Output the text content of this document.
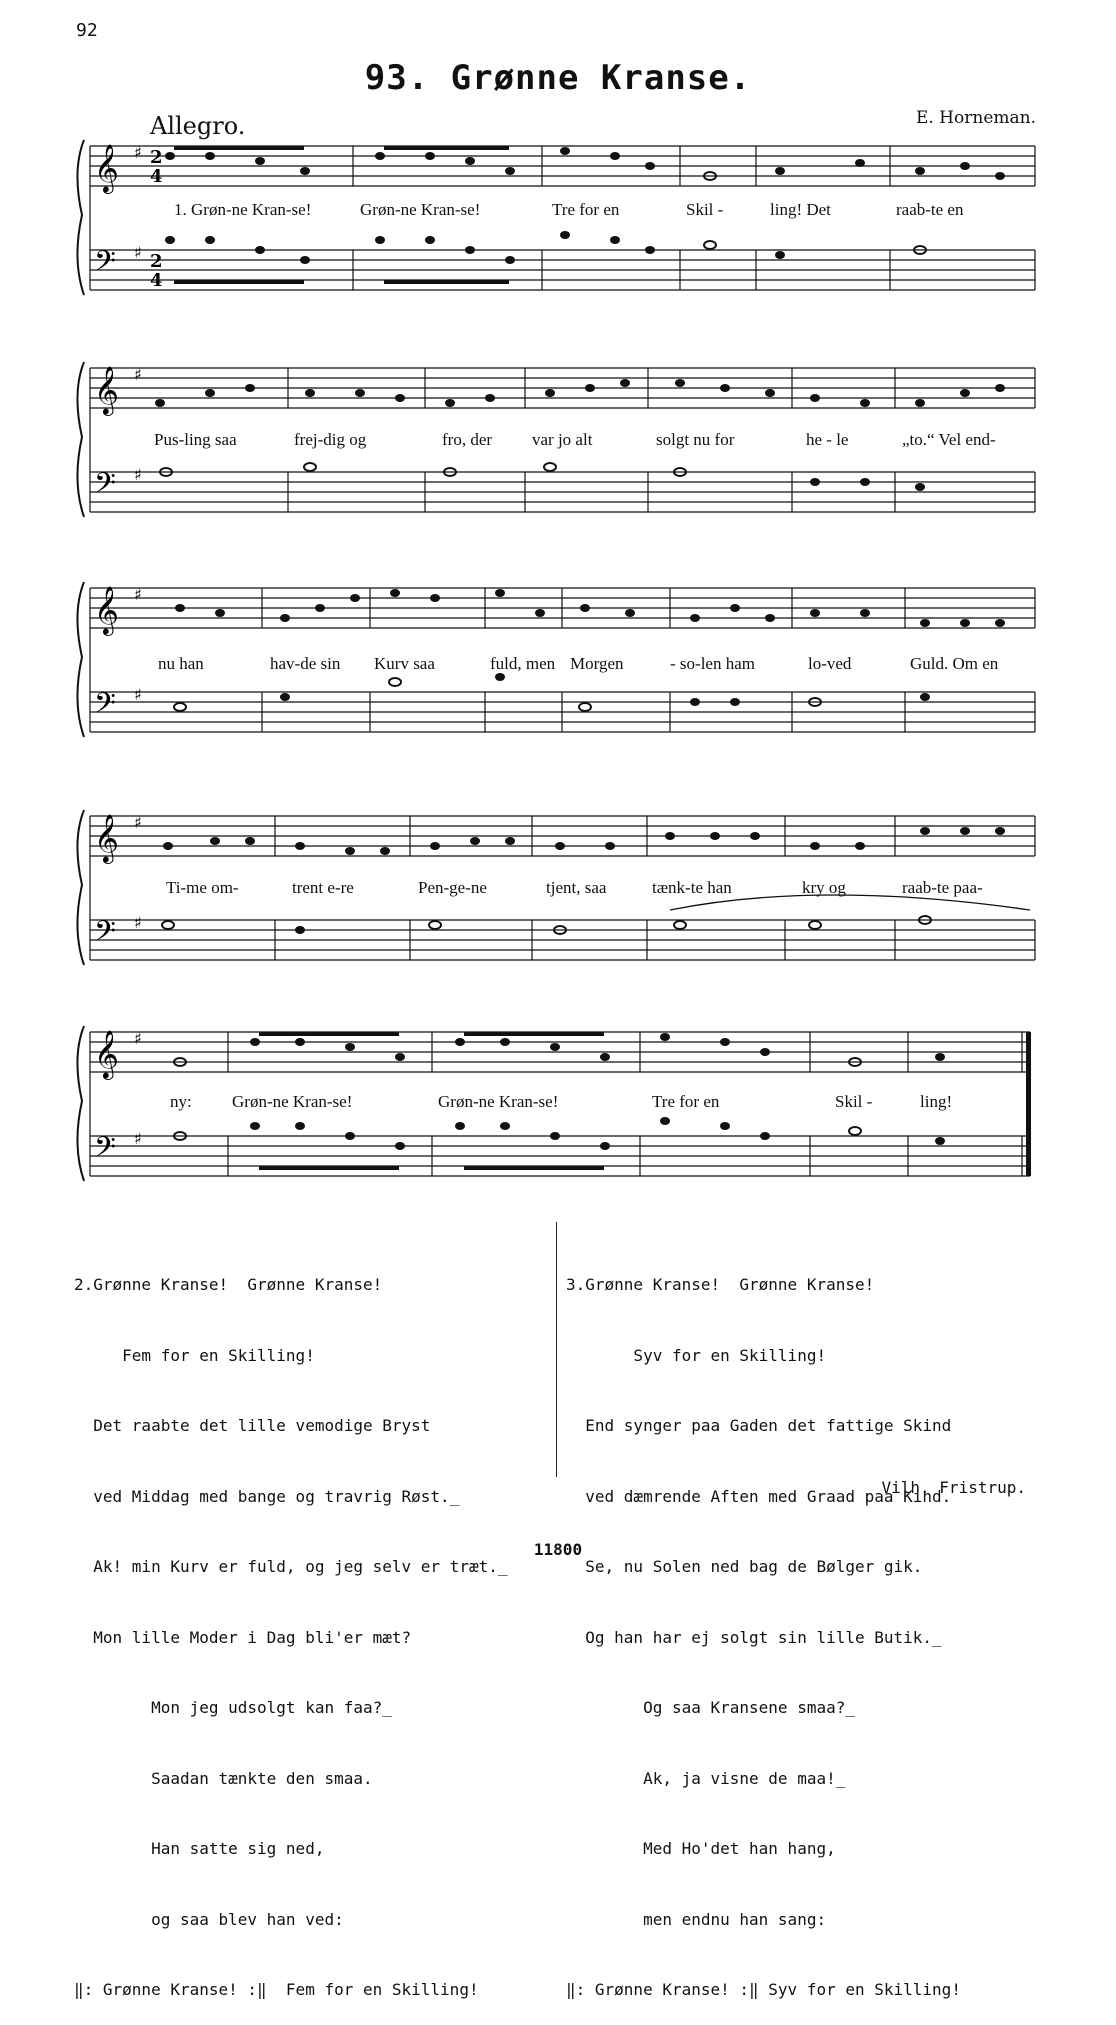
92
93. Grønne Kranse.
E. Horneman.
Allegro.
𝄞
𝄢
♯
♯
2
4
2
4
1. Grøn-ne Kran-se!	Grøn-ne Kran-se!	Tre for en	Skil -	ling! Det	raab-te en
𝄞
𝄢
♯
♯
Pus-ling saa	frej-dig og	fro, der var jo alt	solgt nu for	he - le	„to.“ Vel end-
𝄞
𝄢
♯
♯
nu han	hav-de sin Kurv saa	fuld, men Morgen	- so-len ham	lo-ved	Guld. Om en
𝄞
𝄢
♯
♯
Ti-me om-	trent e-re	Pen-ge-ne	tjent, saa	tænk-te han	kry og	raab-te paa-
𝄞
𝄢
♯
♯
ny: Grøn-ne Kran-se!	Grøn-ne Kran-se!	Tre for en	Skil -	ling!

2.Grønne Kranse!  Grønne Kranse!

Fem for en Skilling!

Det raabte det lille vemodige Bryst

ved Middag med bange og travrig Røst._

Ak! min Kurv er fuld, og jeg selv er træt._

Mon lille Moder i Dag bli'er mæt?

Mon jeg udsolgt kan faa?_

Saadan tænkte den smaa.

Han satte sig ned,

og saa blev han ved:

‖: Grønne Kranse! :‖  Fem for en Skilling!

3.Grønne Kranse!  Grønne Kranse!

Syv for en Skilling!

End synger paa Gaden det fattige Skind

ved dæmrende Aften med Graad paa Kind.

Se, nu Solen ned bag de Bølger gik.

Og han har ej solgt sin lille Butik._

Og saa Kransene smaa?_

Ak, ja visne de maa!_

Med Ho'det han hang,

men endnu han sang:

‖: Grønne Kranse! :‖ Syv for en Skilling!

Vilh. Fristrup.
11800
